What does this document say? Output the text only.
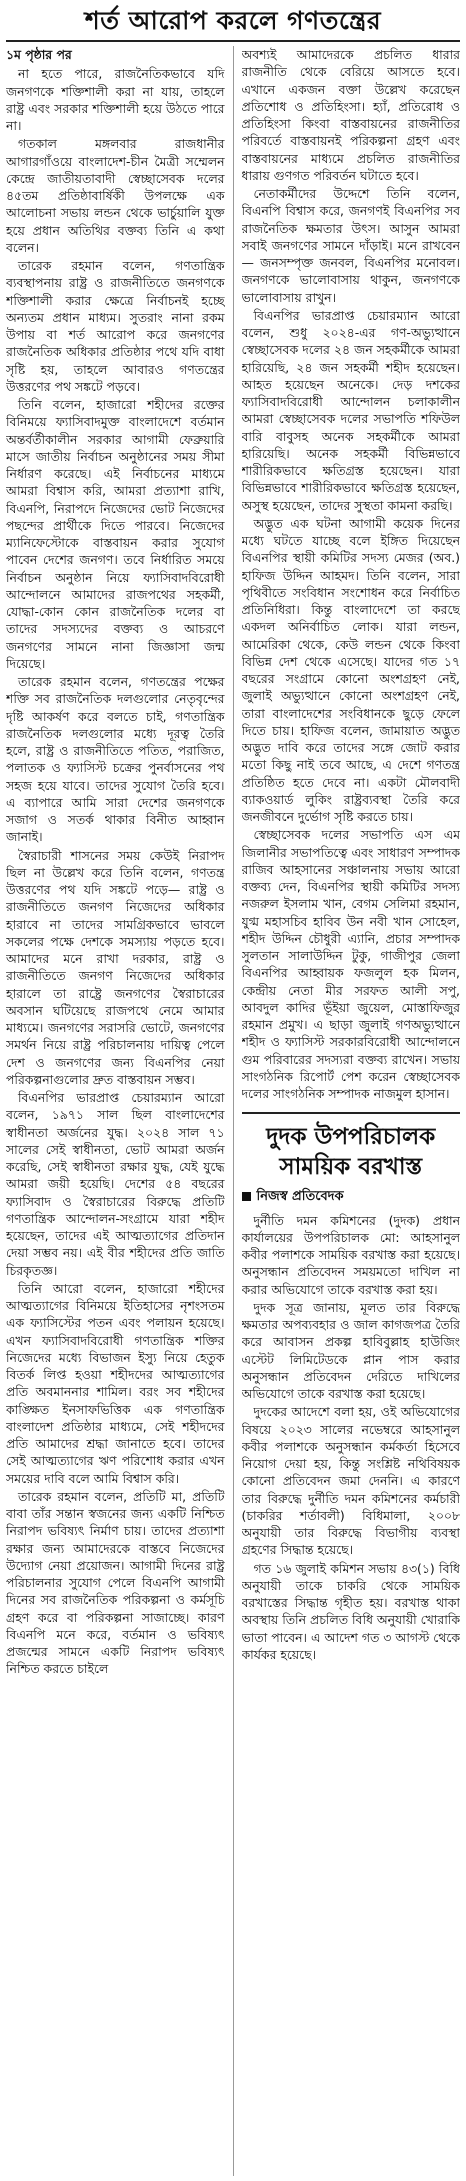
শর্ত আরোপ করলে গণতন্ত্রের

১ম পৃষ্ঠার পর

না হতে পারে, রাজনৈতিকভাবে যদি জনগণকে শক্তিশালী করা না যায়, তাহলে রাষ্ট্র এবং সরকার শক্তিশালী হয়ে উঠতে পারে না।

গতকাল মঙ্গলবার রাজধানীর আগারগাঁওয়ে বাংলাদেশ-চীন মৈত্রী সম্মেলন কেন্দ্রে জাতীয়তাবাদী স্বেচ্ছাসেবক দলের ৪৫তম প্রতিষ্ঠাবার্ষিকী উপলক্ষে এক আলোচনা সভায় লন্ডন থেকে ভার্চুয়ালি যুক্ত হয়ে প্রধান অতিথির বক্তব্য তিনি এ কথা বলেন।

তারেক রহমান বলেন, গণতান্ত্রিক ব্যবস্থাপনায় রাষ্ট্র ও রাজনীতিতে জনগণকে শক্তিশালী করার ক্ষেত্রে নির্বাচনই হচ্ছে অন্যতম প্রধান মাধ্যম। সুতরাং নানা রকম উপায় বা শর্ত আরোপ করে জনগণের রাজনৈতিক অধিকার প্রতিষ্ঠার পথে যদি বাধা সৃষ্টি হয়, তাহলে আবারও গণতন্ত্রের উত্তরণের পথ সঙ্কটে পড়বে।

তিনি বলেন, হাজারো শহীদের রক্তের বিনিময়ে ফ্যাসিবাদমুক্ত বাংলাদেশে বর্তমান অন্তর্বর্তীকালীন সরকার আগামী ফেব্রুয়ারি মাসে জাতীয় নির্বাচন অনুষ্ঠানের সময় সীমা নির্ধারণ করেছে। এই নির্বাচনের মাধ্যমে আমরা বিশ্বাস করি, আমরা প্রত্যাশা রাখি, বিএনপি, নিরাপদে নিজেদের ভোট নিজেদের পছন্দের প্রার্থীকে দিতে পারবে। নিজেদের ম্যানিফেস্টোকে বাস্তবায়ন করার সুযোগ পাবেন দেশের জনগণ। তবে নির্ধারিত সময়ে নির্বাচন অনুষ্ঠান নিয়ে ফ্যাসিবাদবিরোধী আন্দোলনে আমাদের রাজপথের সহকর্মী, যোদ্ধা-কোন কোন রাজনৈতিক দলের বা তাদের সদস্যদের বক্তব্য ও আচরণে জনগণের সামনে নানা জিজ্ঞাসা জন্ম দিয়েছে।

তারেক রহমান বলেন, গণতন্ত্রের পক্ষের শক্তি সব রাজনৈতিক দলগুলোর নেতৃবৃন্দের দৃষ্টি আকর্ষণ করে বলতে চাই, গণতান্ত্রিক রাজনৈতিক দলগুলোর মধ্যে দূরত্ব তৈরি হলে, রাষ্ট্র ও রাজনীতিতে পতিত, পরাজিত, পলাতক ও ফ্যাসিস্ট চক্রের পুনর্বাসনের পথ সহজ হয়ে যাবে। তাদের সুযোগ তৈরি হবে। এ ব্যাপারে আমি সারা দেশের জনগণকে সজাগ ও সতর্ক থাকার বিনীত আহ্বান জানাই।

স্বৈরাচারী শাসনের সময় কেউই নিরাপদ ছিল না উল্লেখ করে তিনি বলেন, গণতন্ত্র উত্তরণের পথ যদি সঙ্কটে পড়ে— রাষ্ট্র ও রাজনীতিতে জনগণ নিজেদের অধিকার হারাবে না তাদের সামগ্রিকভাবে ভাবলে সকলের পক্ষে দেশকে সমস্যায় পড়তে হবে। আমাদের মনে রাখা দরকার, রাষ্ট্র ও রাজনীতিতে জনগণ নিজেদের অধিকার হারালে তা রাষ্ট্রে জনগণের স্বৈরাচারের অবসান ঘটিয়েছে রাজপথে নেমে আমার মাধ্যমে। জনগণের সরাসরি ভোটে, জনগণের সমর্থন নিয়ে রাষ্ট্র পরিচালনায় দায়িত্ব পেলে দেশ ও জনগণের জন্য বিএনপির নেয়া পরিকল্পনাগুলোর দ্রুত বাস্তবায়ন সম্ভব।

বিএনপির ভারপ্রাপ্ত চেয়ারম্যান আরো বলেন, ১৯৭১ সাল ছিল বাংলাদেশের স্বাধীনতা অর্জনের যুদ্ধ। ২০২৪ সাল ৭১ সালের সেই স্বাধীনতা, ভোট আমরা অর্জন করেছি, সেই স্বাধীনতা রক্ষার যুদ্ধ, যেই যুদ্ধে আমরা জয়ী হয়েছি। দেশের ৫৪ বছরের ফ্যাসিবাদ ও স্বৈরাচারের বিরুদ্ধে প্রতিটি গণতান্ত্রিক আন্দোলন-সংগ্রামে যারা শহীদ হয়েছেন, তাদের এই আত্মত্যাগের প্রতিদান দেয়া সম্ভব নয়। এই বীর শহীদের প্রতি জাতি চিরকৃতজ্ঞ।

তিনি আরো বলেন, হাজারো শহীদের আত্মত্যাগের বিনিময়ে ইতিহাসের নৃশংসতম এক ফ্যাসিস্টের পতন এবং পলায়ন হয়েছে। এখন ফ্যাসিবাদবিরোধী গণতান্ত্রিক শক্তির নিজেদের মধ্যে বিভাজন ইস্যু নিয়ে হেতুক বিতর্ক লিপ্ত হওয়া শহীদদের আত্মত্যাগের প্রতি অবমাননার শামিল। বরং সব শহীদের কাঙ্ক্ষিত ইনসাফভিত্তিক এক গণতান্ত্রিক বাংলাদেশ প্রতিষ্ঠার মাধ্যমে, সেই শহীদদের প্রতি আমাদের শ্রদ্ধা জানাতে হবে। তাদের সেই আত্মত্যাগের ঋণ পরিশোধ করার এখন সময়ের দাবি বলে আমি বিশ্বাস করি।

তারেক রহমান বলেন, প্রতিটি মা, প্রতিটি বাবা তাঁর সন্তান স্বজনের জন্য একটি নিশ্চিত নিরাপদ ভবিষ্যৎ নির্মাণ চায়। তাদের প্রত্যাশা রক্ষার জন্য আমাদেরকে বাস্তবে নিজেদের উদ্যোগ নেয়া প্রয়োজন। আগামী দিনের রাষ্ট্র পরিচালনার সুযোগ পেলে বিএনপি আগামী দিনের সব রাজনৈতিক পরিকল্পনা ও কর্মসূচি গ্রহণ করে বা পরিকল্পনা সাজাচ্ছে। কারণ বিএনপি মনে করে, বর্তমান ও ভবিষ্যৎ প্রজন্মের সামনে একটি নিরাপদ ভবিষ্যৎ নিশ্চিত করতে চাইলে

অবশ্যই আমাদেরকে প্রচলিত ধারার রাজনীতি থেকে বেরিয়ে আসতে হবে। এখানে একজন বক্তা উল্লেখ করেছেন প্রতিশোধ ও প্রতিহিংসা। হ্যাঁ, প্রতিরোধ ও প্রতিহিংসা কিংবা বাস্তবায়নের রাজনীতির পরিবর্তে বাস্তবায়নই পরিকল্পনা গ্রহণ এবং বাস্তবায়নের মাধ্যমে প্রচলিত রাজনীতির ধারায় গুণগত পরিবর্তন ঘটাতে হবে।

নেতাকর্মীদের উদ্দেশে তিনি বলেন, বিএনপি বিশ্বাস করে, জনগণই বিএনপির সব রাজনৈতিক ক্ষমতার উৎস। আসুন আমরা সবাই জনগণের সামনে দাঁড়াই। মনে রাখবেন— জনসম্পৃক্ত জনবল, বিএনপির মনোবল। জনগণকে ভালোবাসায় থাকুন, জনগণকে ভালোবাসায় রাখুন।

বিএনপির ভারপ্রাপ্ত চেয়ারম্যান আরো বলেন, শুধু ২০২৪-এর গণ-অভ্যুত্থানে স্বেচ্ছাসেবক দলের ২৪ জন সহকর্মীকে আমরা হারিয়েছি, ২৪ জন সহকর্মী শহীদ হয়েছেন। আহত হয়েছেন অনেকে। দেড় দশকের ফ্যাসিবাদবিরোধী আন্দোলন চলাকালীন আমরা স্বেচ্ছাসেবক দলের সভাপতি শফিউল বারি বাবুসহ অনেক সহকর্মীকে আমরা হারিয়েছি। অনেক সহকর্মী বিভিন্নভাবে শারীরিকভাবে ক্ষতিগ্রস্ত হয়েছেন। যারা বিভিন্নভাবে শারীরিকভাবে ক্ষতিগ্রস্ত হয়েছেন, অসুস্থ হয়েছেন, তাদের সুস্থতা কামনা করছি।

অদ্ভুত এক ঘটনা আগামী কয়েক দিনের মধ্যে ঘটতে যাচ্ছে বলে ইঙ্গিত দিয়েছেন বিএনপির স্থায়ী কমিটির সদস্য মেজর (অব.) হাফিজ উদ্দিন আহমদ। তিনি বলেন, সারা পৃথিবীতে সংবিধান সংশোধন করে নির্বাচিত প্রতিনিধিরা। কিন্তু বাংলাদেশে তা করছে একদল অনির্বাচিত লোক। যারা লন্ডন, আমেরিকা থেকে, কেউ লন্ডন থেকে কিংবা বিভিন্ন দেশ থেকে এসেছে। যাদের গত ১৭ বছরের সংগ্রামে কোনো অংশগ্রহণ নেই, জুলাই অভ্যুত্থানে কোনো অংশগ্রহণ নেই, তারা বাংলাদেশের সংবিধানকে ছুড়ে ফেলে দিতে চায়। হাফিজ বলেন, জামায়াত অদ্ভুত অদ্ভুত দাবি করে তাদের সঙ্গে জোট করার মতো কিছু নাই তবে আছে, এ দেশে গণতন্ত্র প্রতিষ্ঠিত হতে দেবে না। একটা মৌলবাদী ব্যাকওয়ার্ড লুকিং রাষ্ট্রব্যবস্থা তৈরি করে জনজীবনে দুর্ভোগ সৃষ্টি করতে চায়।

স্বেচ্ছাসেবক দলের সভাপতি এস এম জিলানীর সভাপতিত্বে এবং সাধারণ সম্পাদক রাজিব আহসানের সঞ্চালনায় সভায় আরো বক্তব্য দেন, বিএনপির স্থায়ী কমিটির সদস্য নজরুল ইসলাম খান, বেগম সেলিমা রহমান, যুগ্ম মহাসচিব হাবিব উন নবী খান সোহেল, শহীদ উদ্দিন চৌধুরী এ্যানি, প্রচার সম্পাদক সুলতান সালাউদ্দিন টুকু, গাজীপুর জেলা বিএনপির আহ্বায়ক ফজলুল হক মিলন, কেন্দ্রীয় নেতা মীর সরফত আলী সপু, আবদুল কাদির ভূঁইয়া জুয়েল, মোস্তাফিজুর রহমান প্রমুখ। এ ছাড়া জুলাই গণঅভ্যুত্থানে শহীদ ও ফ্যাসিস্ট সরকারবিরোধী আন্দোলনে গুম পরিবারের সদস্যরা বক্তব্য রাখেন। সভায় সাংগঠনিক রিপোর্ট পেশ করেন স্বেচ্ছাসেবক দলের সাংগঠনিক সম্পাদক নাজমুল হাসান।

দুদক উপপরিচালক সাময়িক বরখাস্ত
নিজস্ব প্রতিবেদক

দুর্নীতি দমন কমিশনের (দুদক) প্রধান কার্যালয়ের উপপরিচালক মো: আহসানুল কবীর পলাশকে সাময়িক বরখাস্ত করা হয়েছে। অনুসন্ধান প্রতিবেদন সময়মতো দাখিল না করার অভিযোগে তাকে বরখাস্ত করা হয়।

দুদক সূত্র জানায়, মূলত তার বিরুদ্ধে ক্ষমতার অপব্যবহার ও জাল কাগজপত্র তৈরি করে আবাসন প্রকল্প হাবিবুল্লাহ হাউজিং এস্টেট লিমিটেডকে প্লান পাস করার অনুসন্ধান প্রতিবেদন দেরিতে দাখিলের অভিযোগে তাকে বরখাস্ত করা হয়েছে।

দুদকের আদেশে বলা হয়, ওই অভিযোগের বিষয়ে ২০২৩ সালের নভেম্বরে আহসানুল কবীর পলাশকে অনুসন্ধান কর্মকর্তা হিসেবে নিয়োগ দেয়া হয়, কিন্তু সংশ্লিষ্ট নথিবিষয়ক কোনো প্রতিবেদন জমা দেননি। এ কারণে তার বিরুদ্ধে দুর্নীতি দমন কমিশনের কর্মচারী (চাকরির শর্তাবলী) বিধিমালা, ২০০৮ অনুযায়ী তার বিরুদ্ধে বিভাগীয় ব্যবস্থা গ্রহণের সিদ্ধান্ত হয়েছে।

গত ১৬ জুলাই কমিশন সভায় ৪৩(১) বিধি অনুযায়ী তাকে চাকরি থেকে সাময়িক বরখাস্তের সিদ্ধান্ত গৃহীত হয়। বরখাস্ত থাকা অবস্থায় তিনি প্রচলিত বিধি অনুযায়ী খোরাকি ভাতা পাবেন। এ আদেশ গত ৩ আগস্ট থেকে কার্যকর হয়েছে।
